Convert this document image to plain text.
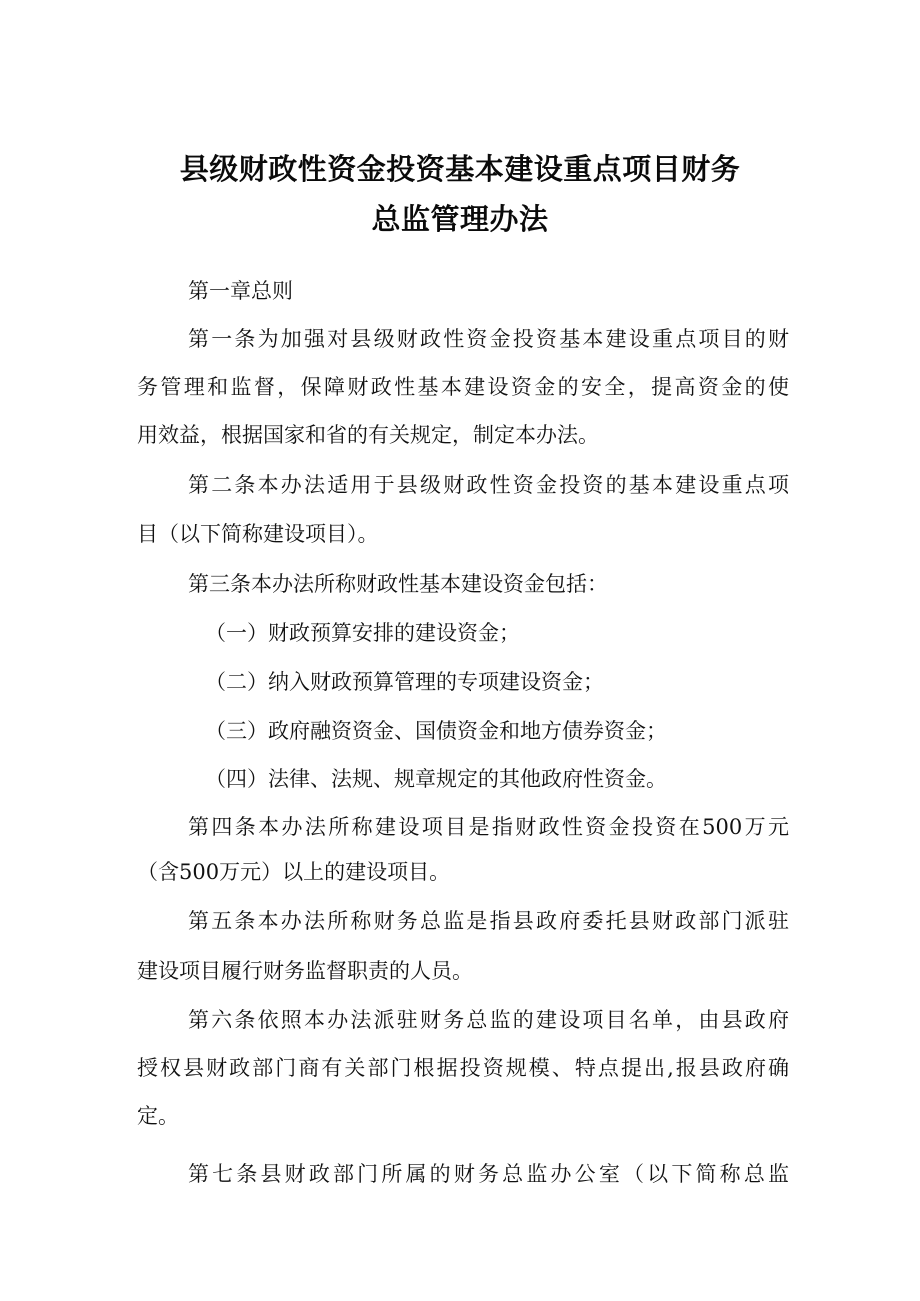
县级财政性资金投资基本建设重点项目财务
总监管理办法
第一章总则
第一条为加强对县级财政性资金投资基本建设重点项目的财
务管理和监督，保障财政性基本建设资金的安全，提高资金的使
用效益，根据国家和省的有关规定，制定本办法。
第二条本办法适用于县级财政性资金投资的基本建设重点项
目（以下简称建设项目）。
第三条本办法所称财政性基本建设资金包括：
（一）财政预算安排的建设资金；
（二）纳入财政预算管理的专项建设资金；
（三）政府融资资金、国债资金和地方债券资金；
（四）法律、法规、规章规定的其他政府性资金。
第四条本办法所称建设项目是指财政性资金投资在500万元
（含500万元）以上的建设项目。
第五条本办法所称财务总监是指县政府委托县财政部门派驻
建设项目履行财务监督职责的人员。
第六条依照本办法派驻财务总监的建设项目名单，由县政府
授权县财政部门商有关部门根据投资规模、特点提出,报县政府确
定。
第七条县财政部门所属的财务总监办公室（以下简称总监
